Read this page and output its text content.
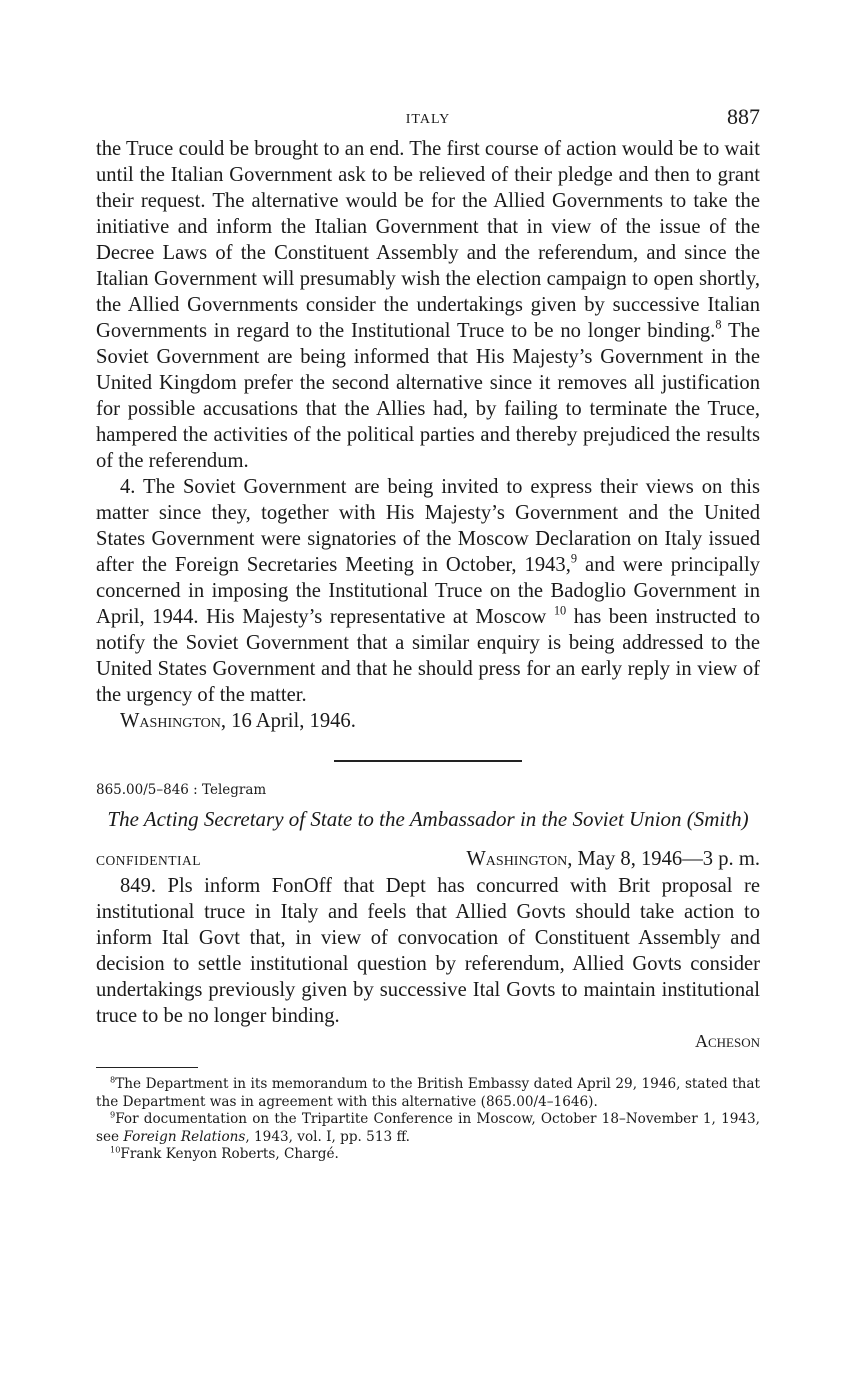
ITALY	887

the Truce could be brought to an end. The first course of action would be to wait until the Italian Government ask to be relieved of their pledge and then to grant their request. The alternative would be for the Allied Governments to take the initiative and inform the Italian Government that in view of the issue of the Decree Laws of the Constituent Assembly and the referendum, and since the Italian Government will presumably wish the election campaign to open shortly, the Allied Governments consider the undertakings given by successive Italian Governments in regard to the Institutional Truce to be no longer binding.$^8$ The Soviet Government are being informed that His Majesty’s Government in the United Kingdom prefer the second alternative since it removes all justification for possible accusations that the Allies had, by failing to terminate the Truce, hampered the activities of the political parties and thereby prejudiced the results of the referendum.

4. The Soviet Government are being invited to express their views on this matter since they, together with His Majesty’s Government and the United States Government were signatories of the Moscow Declaration on Italy issued after the Foreign Secretaries Meeting in October, 1943,$^9$ and were principally concerned in imposing the Institutional Truce on the Badoglio Government in April, 1944. His Majesty’s representative at Moscow $^{10}$ has been instructed to notify the Soviet Government that a similar enquiry is being addressed to the United States Government and that he should press for an early reply in view of the urgency of the matter.

Washington, 16 April, 1946.

865.00/5–846 : Telegram
The Acting Secretary of State to the Ambassador in the Soviet Union (Smith)
CONFIDENTIAL	Washington, May 8, 1946—3 p. m.

849. Pls inform FonOff that Dept has concurred with Brit proposal re institutional truce in Italy and feels that Allied Govts should take action to inform Ital Govt that, in view of convocation of Constituent Assembly and decision to settle institutional question by referendum, Allied Govts consider undertakings previously given by successive Ital Govts to maintain institutional truce to be no longer binding.

Acheson

$^8$The Department in its memorandum to the British Embassy dated April 29, 1946, stated that the Department was in agreement with this alternative (865.00/4–1646).

$^9$For documentation on the Tripartite Conference in Moscow, October 18–November 1, 1943, see Foreign Relations, 1943, vol. I, pp. 513 ff.

$^{10}$Frank Kenyon Roberts, Chargé.
